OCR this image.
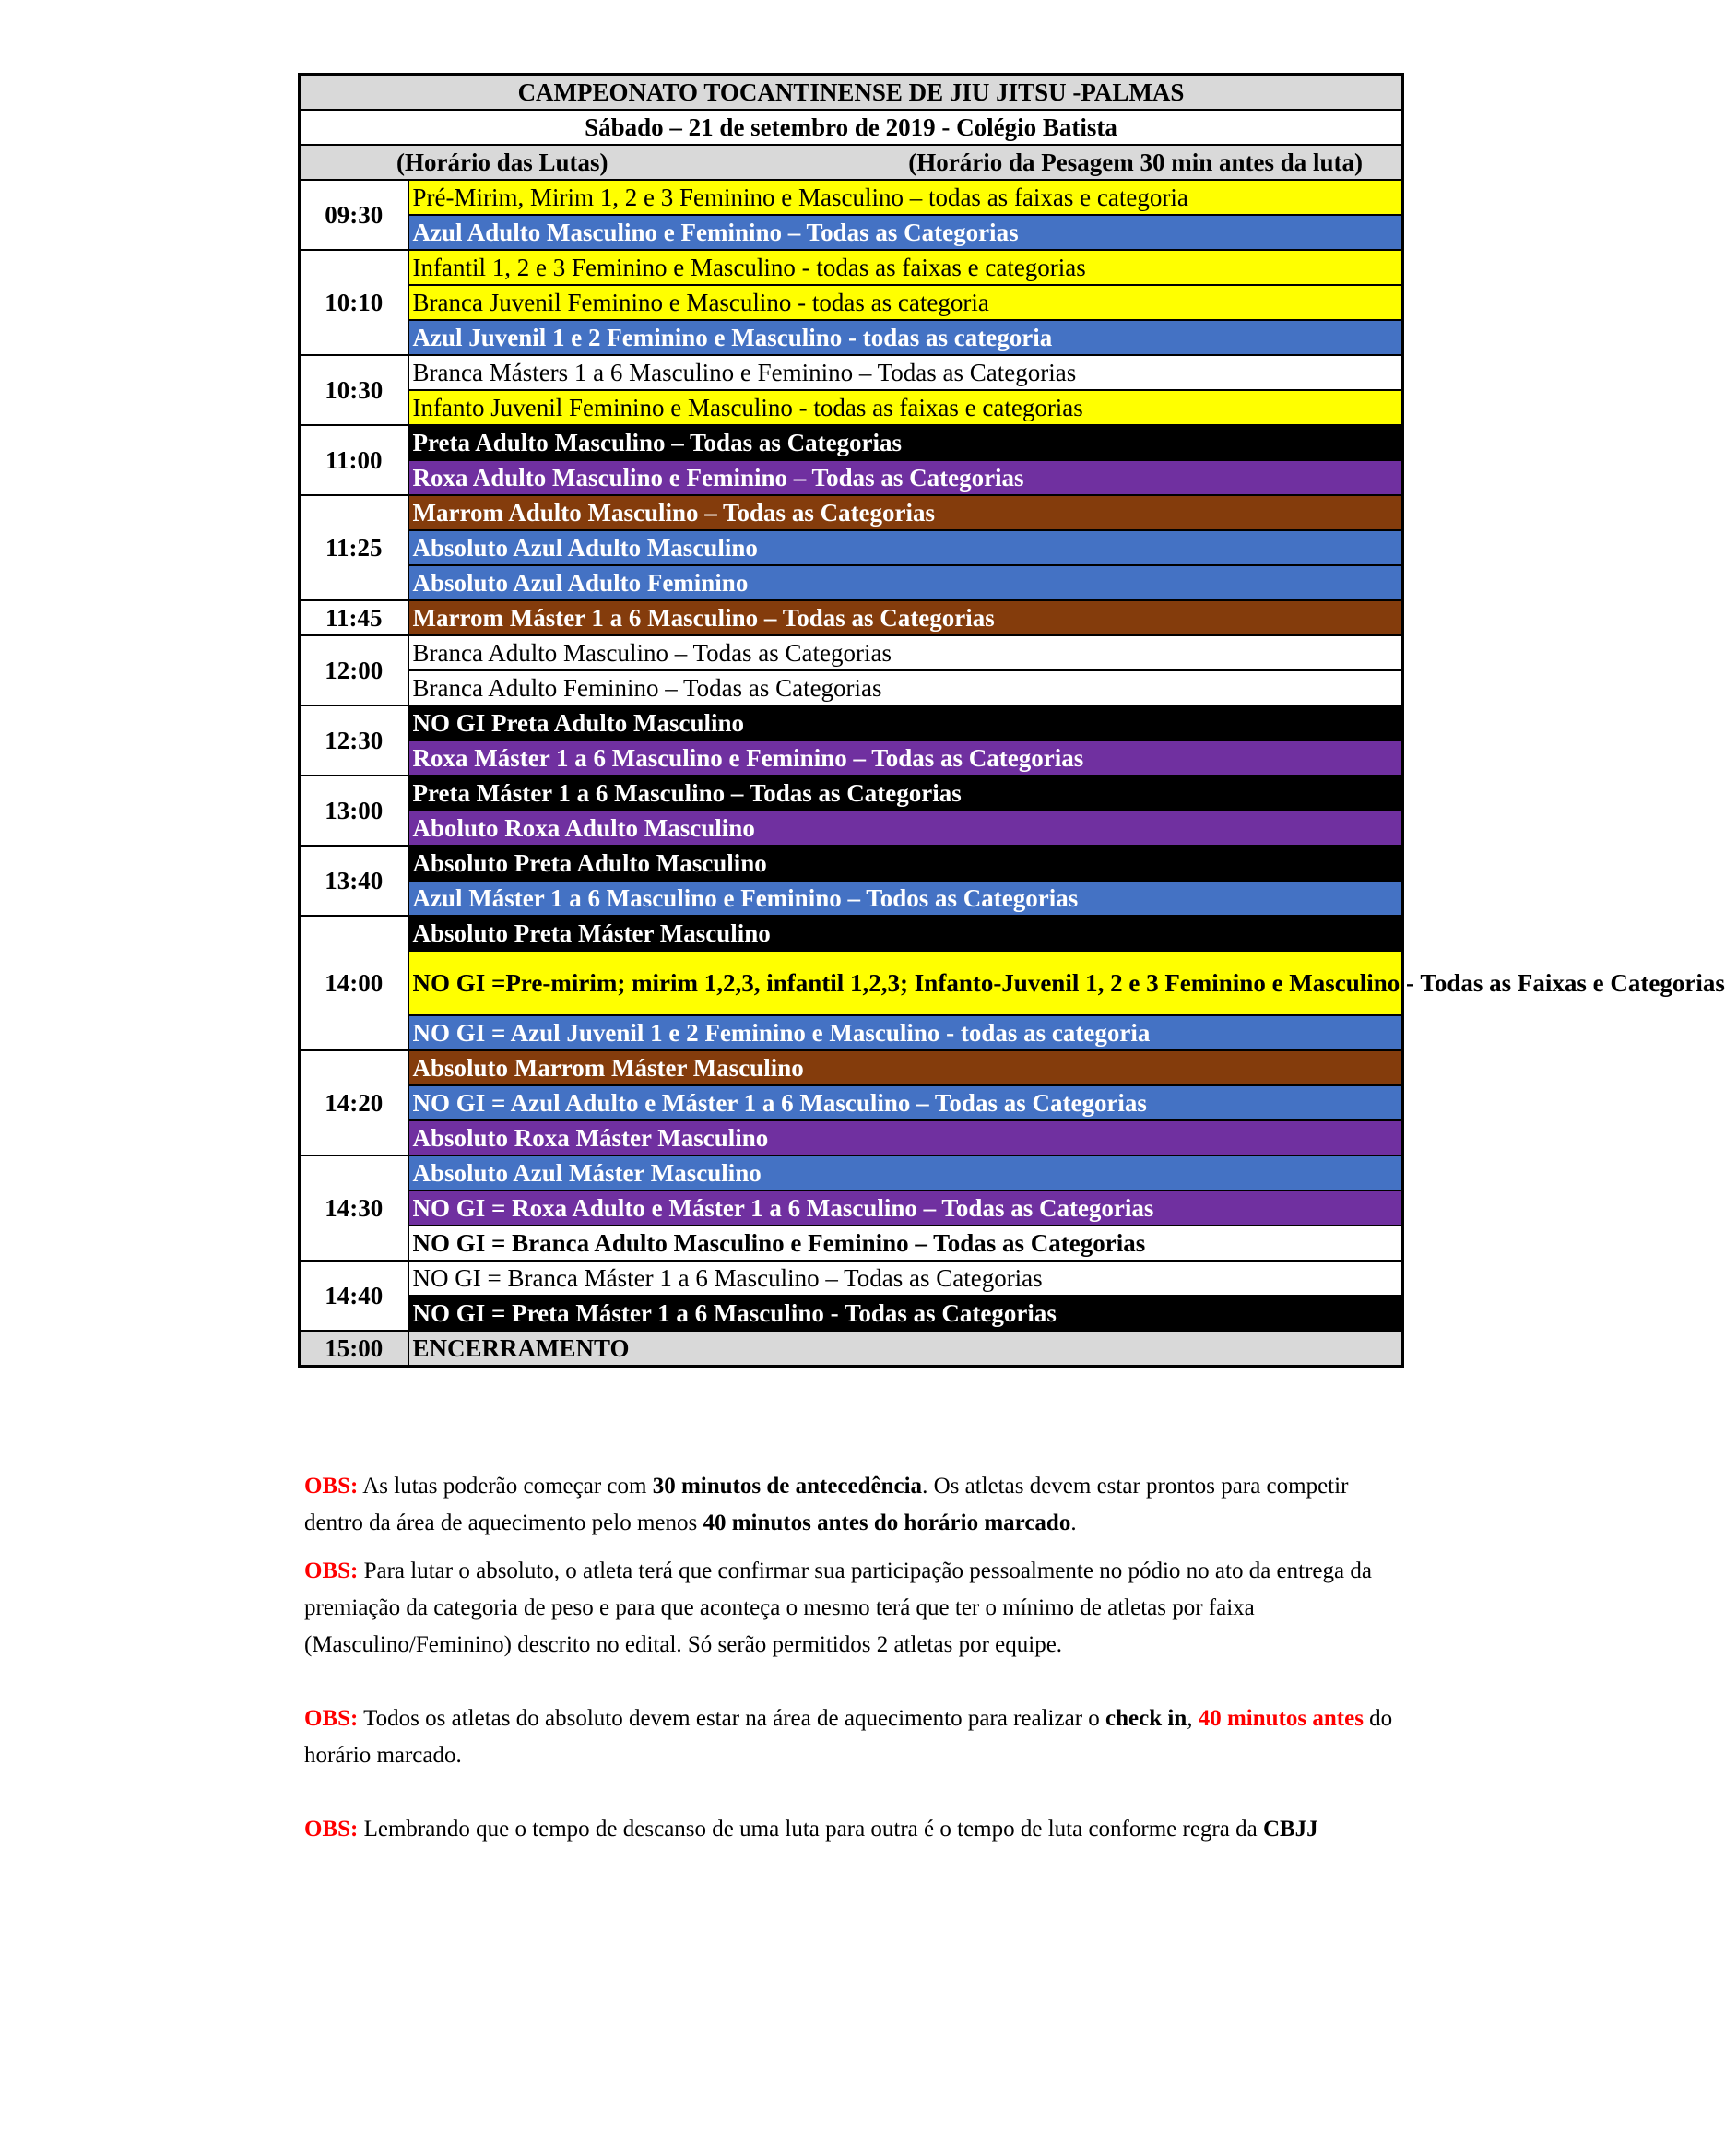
CAMPEONATO TOCANTINENSE DE JIU JITSU -PALMAS	
Sábado – 21 de setembro de 2019 - Colégio Batista	

(Horário das Lutas) (Horário da Pesagem 30 min antes da luta)	

09:30	Pré-Mirim, Mirim 1, 2 e 3 Feminino e Masculino – todas as faixas e categoria
	Azul Adulto Masculino e Feminino – Todas as Categorias
10:10	Infantil 1, 2 e 3 Feminino e Masculino - todas as faixas e categorias
	Branca Juvenil Feminino e Masculino - todas as categoria
	Azul Juvenil 1 e 2 Feminino e Masculino - todas as categoria
10:30	Branca Másters 1 a 6 Masculino e Feminino – Todas as Categorias
	Infanto Juvenil Feminino e Masculino - todas as faixas e categorias
11:00	Preta Adulto Masculino – Todas as Categorias
	Roxa Adulto Masculino e Feminino – Todas as Categorias
11:25	Marrom Adulto Masculino – Todas as Categorias
	Absoluto Azul Adulto Masculino
	Absoluto Azul Adulto Feminino
11:45	Marrom Máster 1 a 6 Masculino – Todas as Categorias
12:00	Branca Adulto Masculino – Todas as Categorias
	Branca Adulto Feminino – Todas as Categorias
12:30	NO GI Preta Adulto Masculino
	Roxa Máster 1 a 6 Masculino e Feminino – Todas as Categorias
13:00	Preta Máster 1 a 6 Masculino – Todas as Categorias
	Aboluto Roxa Adulto Masculino
13:40	Absoluto Preta Adulto Masculino
	Azul Máster 1 a 6 Masculino e Feminino – Todos as Categorias
14:00	Absoluto Preta Máster Masculino
	NO GI =Pre-mirim; mirim 1,2,3, infantil 1,2,3; Infanto-Juvenil 1, 2 e 3 Feminino e Masculino - Todas as Faixas e Categorias
	NO GI = Azul Juvenil 1 e 2 Feminino e Masculino - todas as categoria
14:20	Absoluto Marrom Máster Masculino
	NO GI = Azul Adulto e Máster 1 a 6 Masculino – Todas as Categorias
	Absoluto Roxa Máster Masculino
14:30	Absoluto Azul Máster Masculino
	NO GI = Roxa Adulto e Máster 1 a 6 Masculino – Todas as Categorias
	NO GI = Branca Adulto Masculino e Feminino – Todas as Categorias
14:40	NO GI = Branca Máster 1 a 6 Masculino – Todas as Categorias
	NO GI = Preta Máster 1 a 6 Masculino - Todas as Categorias
15:00	ENCERRAMENTO

OBS: As lutas poderão começar com 30 minutos de antecedência. Os atletas devem estar prontos para competir dentro da área de aquecimento pelo menos 40 minutos antes do horário marcado.

OBS: Para lutar o absoluto, o atleta terá que confirmar sua participação pessoalmente no pódio no ato da entrega da premiação da categoria de peso e para que aconteça o mesmo terá que ter o mínimo de atletas por faixa (Masculino/Feminino) descrito no edital. Só serão permitidos 2 atletas por equipe.

OBS: Todos os atletas do absoluto devem estar na área de aquecimento para realizar o check in, 40 minutos antes do horário marcado.

OBS: Lembrando que o tempo de descanso de uma luta para outra é o tempo de luta conforme regra da CBJJ
